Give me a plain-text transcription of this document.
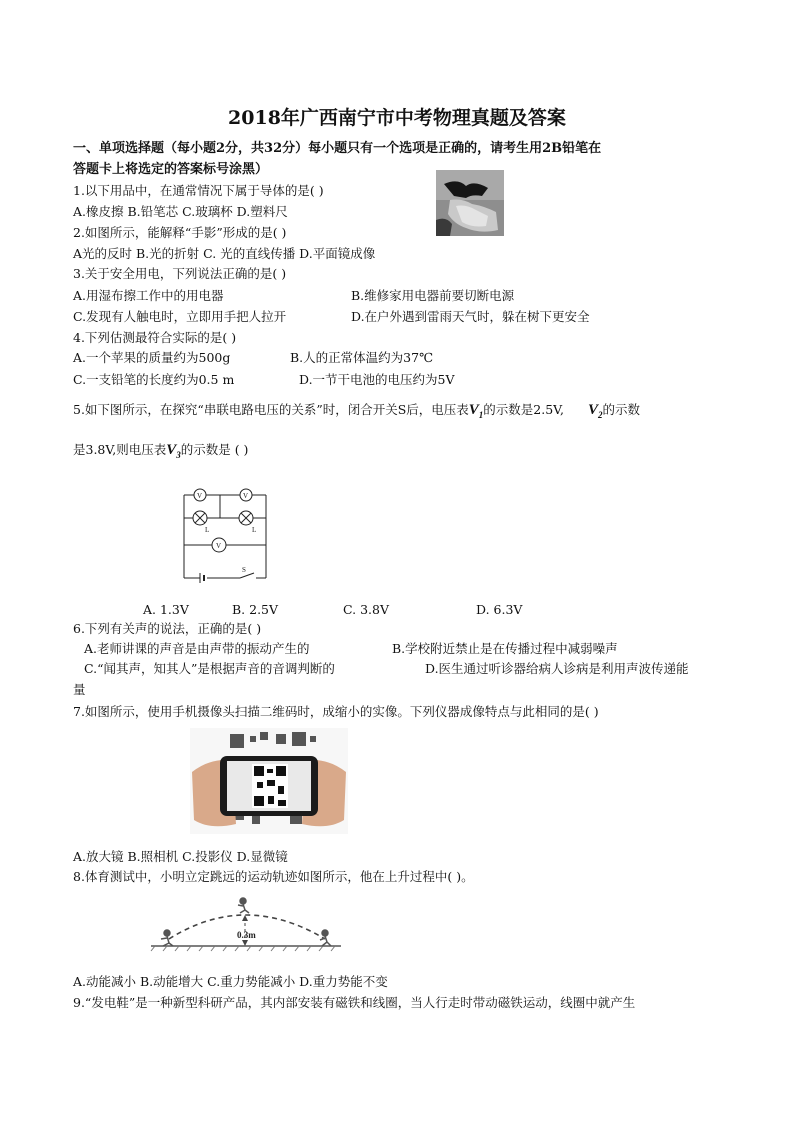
2018年广西南宁市中考物理真题及答案
一、单项选择题（每小题2分，共32分）每小题只有一个选项是正确的，请考生用2B铅笔在
答题卡上将选定的答案标号涂黑）
1.以下用品中，在通常情况下属于导体的是( )
A.橡皮擦 B.铅笔芯 C.玻璃杯 D.塑料尺
2.如图所示，能解释“手影”形成的是( )
A光的反时 B.光的折射 C. 光的直线传播 D.平面镜成像
3.关于安全用电，下列说法正确的是( )
A.用湿布擦工作中的用电器	B.维修家用电器前要切断电源
C.发现有人触电时，立即用手把人拉开	D.在户外遇到雷雨天气时，躲在树下更安全
4.下列估测最符合实际的是( )
A.一个苹果的质量约为500g	B.人的正常体温约为37℃
C.一支铅笔的长度约为0.5 m	D.一节干电池的电压约为5V
5.如下图所示，在探究“串联电路电压的关系”时，闭合开关S后，电压表$V_1$的示数是2.5V, $V_2$的示数
是3.8V,则电压表$V_3$的示数是 ( )
V	V
V
L	L
S
A. 1.3V	B. 2.5V	C. 3.8V	D. 6.3V
6.下列有关声的说法，正确的是( )
A.老师讲课的声音是由声带的振动产生的	B.学校附近禁止是在传播过程中减弱噪声
C.“闻其声，知其人”是根据声音的音调判断的	D.医生通过听诊器给病人诊病是利用声波传递能
量
7.如图所示，使用手机摄像头扫描二维码时，成缩小的实像。下列仪器成像特点与此相同的是( )
A.放大镜 B.照相机 C.投影仪 D.显微镜
8.体育测试中，小明立定跳远的运动轨迹如图所示，他在上升过程中( )。
0.3m
A.动能减小 B.动能增大 C.重力势能减小 D.重力势能不变
9.“发电鞋”是一种新型科研产品，其内部安装有磁铁和线圈，当人行走时带动磁铁运动，线圈中就产生
